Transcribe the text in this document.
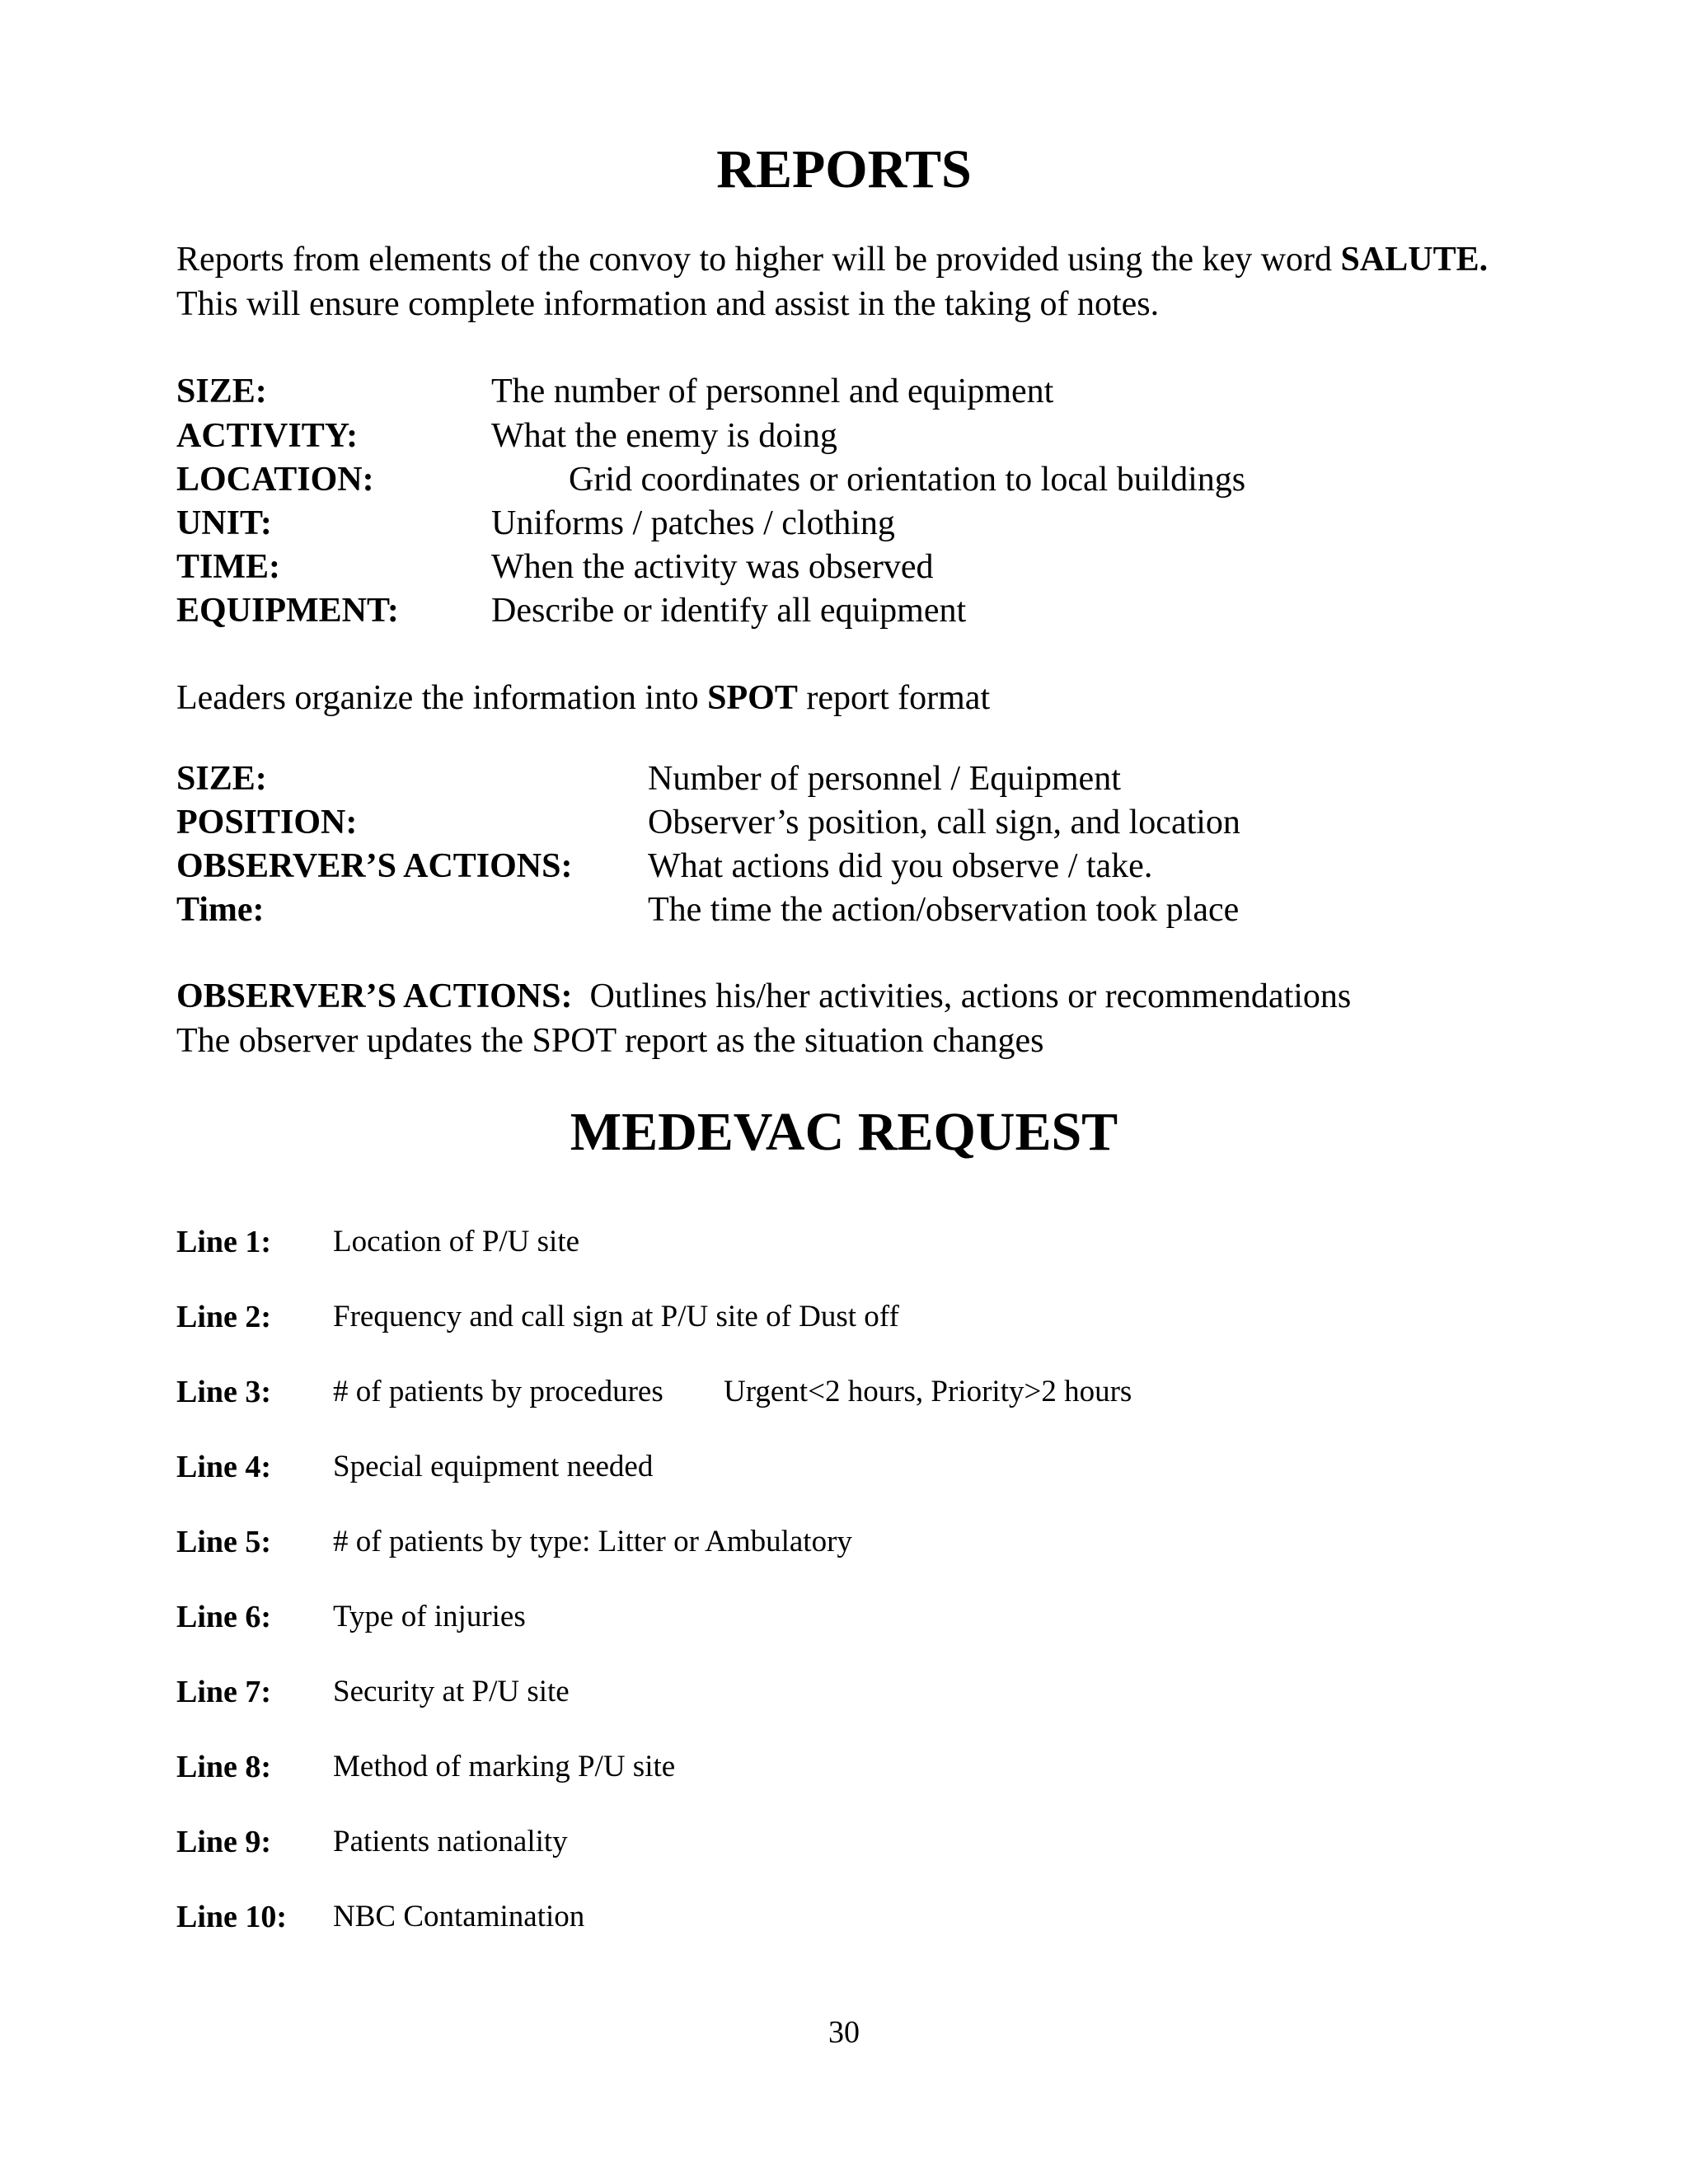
REPORTS
Reports from elements of the convoy to higher will be provided using the key word SALUTE.
This will ensure complete information and assist in the taking of notes.
SIZE:	The number of personnel and equipment
ACTIVITY:	What the enemy is doing
LOCATION:	Grid coordinates or orientation to local buildings
UNIT:	Uniforms / patches / clothing
TIME:	When the activity was observed
EQUIPMENT:	Describe or identify all equipment
Leaders organize the information into SPOT report format
SIZE:	Number of personnel / Equipment
POSITION:	Observer’s position, call sign, and location
OBSERVER’S ACTIONS: What actions did you observe / take.
Time:	The time the action/observation took place
OBSERVER’S ACTIONS:  Outlines his/her activities, actions or recommendations
The observer updates the SPOT report as the situation changes
MEDEVAC REQUEST
Line 1: Location of P/U site
Line 2: Frequency and call sign at P/U site of Dust off
Line 3: # of patients by procedures Urgent<2 hours, Priority>2 hours
Line 4: Special equipment needed
Line 5: # of patients by type: Litter or Ambulatory
Line 6: Type of injuries
Line 7: Security at P/U site
Line 8: Method of marking P/U site
Line 9: Patients nationality
Line 10: NBC Contamination
30
